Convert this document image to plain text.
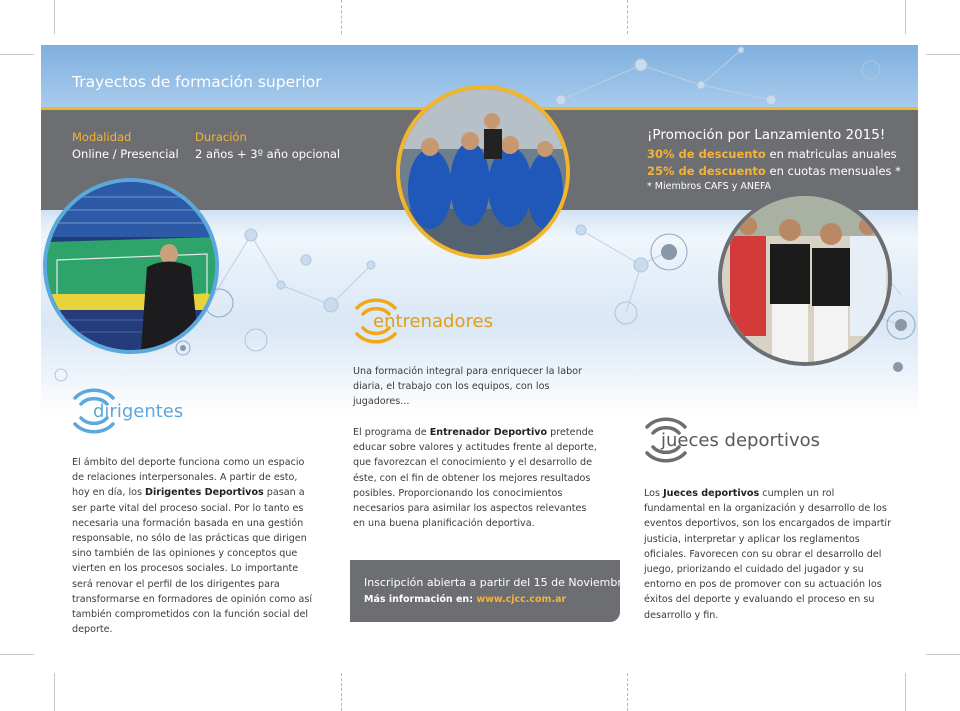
Trayectos de formación superior
Modalidad
Online / Presencial
Duración
2 años + 3º año opcional
¡Promoción por Lanzamiento 2015!
30% de descuento en matriculas anuales
25% de descuento en cuotas mensuales *
* Miembros CAFS y ANEFA
dirigentes
El ámbito del deporte funciona como un espacio de relaciones interpersonales. A partir de esto, hoy en día, los Dirigentes Deportivos pasan a ser parte vital del proceso social. Por lo tanto es necesaria una formación basada en una gestión responsable, no sólo de las prácticas que dirigen sino también de las opiniones y conceptos que vierten en los procesos sociales. Lo importante será renovar el perfil de los dirigentes para transformarse en formadores de opinión como así también comprometidos con la función social del deporte.
entrenadores
Una formación integral para enriquecer la labor diaria, el trabajo con los equipos, con los jugadores...
El programa de Entrenador Deportivo pretende educar sobre valores y actitudes frente al deporte, que favorezcan el conocimiento y el desarrollo de éste, con el fin de obtener los mejores resultados posibles. Proporcionando los conocimientos necesarios para asimilar los aspectos relevantes en una buena planificación deportiva.
Inscripción abierta a partir del 15 de Noviembre
Más información en: www.cjcc.com.ar
jueces deportivos
Los Jueces deportivos cumplen un rol fundamental en la organización y desarrollo de los eventos deportivos, son los encargados de impartir justicia, interpretar y aplicar los reglamentos oficiales. Favorecen con su obrar el desarrollo del juego, priorizando el cuidado del jugador y su entorno en pos de promover con su actuación los éxitos del deporte y evaluando el proceso en su desarrollo y fin.
